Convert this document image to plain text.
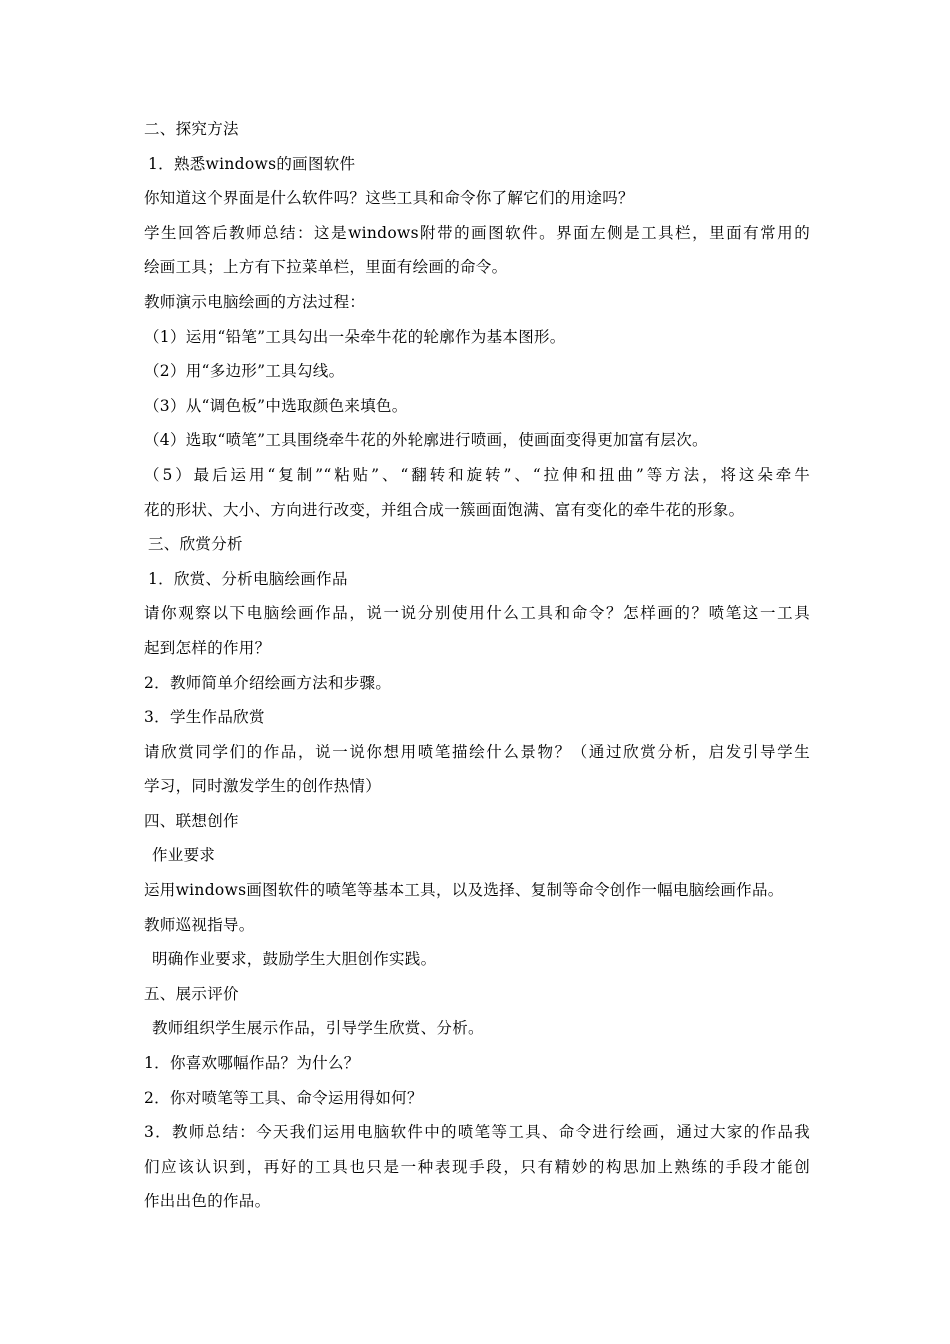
二、探究方法
1．熟悉windows的画图软件
你知道这个界面是什么软件吗？这些工具和命令你了解它们的用途吗？
学生回答后教师总结：这是windows附带的画图软件。界面左侧是工具栏，里面有常用的
绘画工具；上方有下拉菜单栏，里面有绘画的命令。
教师演示电脑绘画的方法过程：
（1）运用“铅笔”工具勾出一朵牵牛花的轮廓作为基本图形。
（2）用“多边形”工具勾线。
（3）从“调色板”中选取颜色来填色。
（4）选取“喷笔”工具围绕牵牛花的外轮廓进行喷画，使画面变得更加富有层次。
（5）最后运用“复制”“粘贴”、“翻转和旋转”、“拉伸和扭曲”等方法，将这朵牵牛
花的形状、大小、方向进行改变，并组合成一簇画面饱满、富有变化的牵牛花的形象。
三、欣赏分析
1．欣赏、分析电脑绘画作品
请你观察以下电脑绘画作品，说一说分别使用什么工具和命令？怎样画的？喷笔这一工具
起到怎样的作用？
2．教师简单介绍绘画方法和步骤。
3．学生作品欣赏
请欣赏同学们的作品，说一说你想用喷笔描绘什么景物？（通过欣赏分析，启发引导学生
学习，同时激发学生的创作热情）
四、联想创作
作业要求
运用windows画图软件的喷笔等基本工具，以及选择、复制等命令创作一幅电脑绘画作品。
教师巡视指导。
明确作业要求，鼓励学生大胆创作实践。
五、展示评价
教师组织学生展示作品，引导学生欣赏、分析。
1．你喜欢哪幅作品？为什么？
2．你对喷笔等工具、命令运用得如何？
3．教师总结：今天我们运用电脑软件中的喷笔等工具、命令进行绘画，通过大家的作品我
们应该认识到，再好的工具也只是一种表现手段，只有精妙的构思加上熟练的手段才能创
作出出色的作品。
